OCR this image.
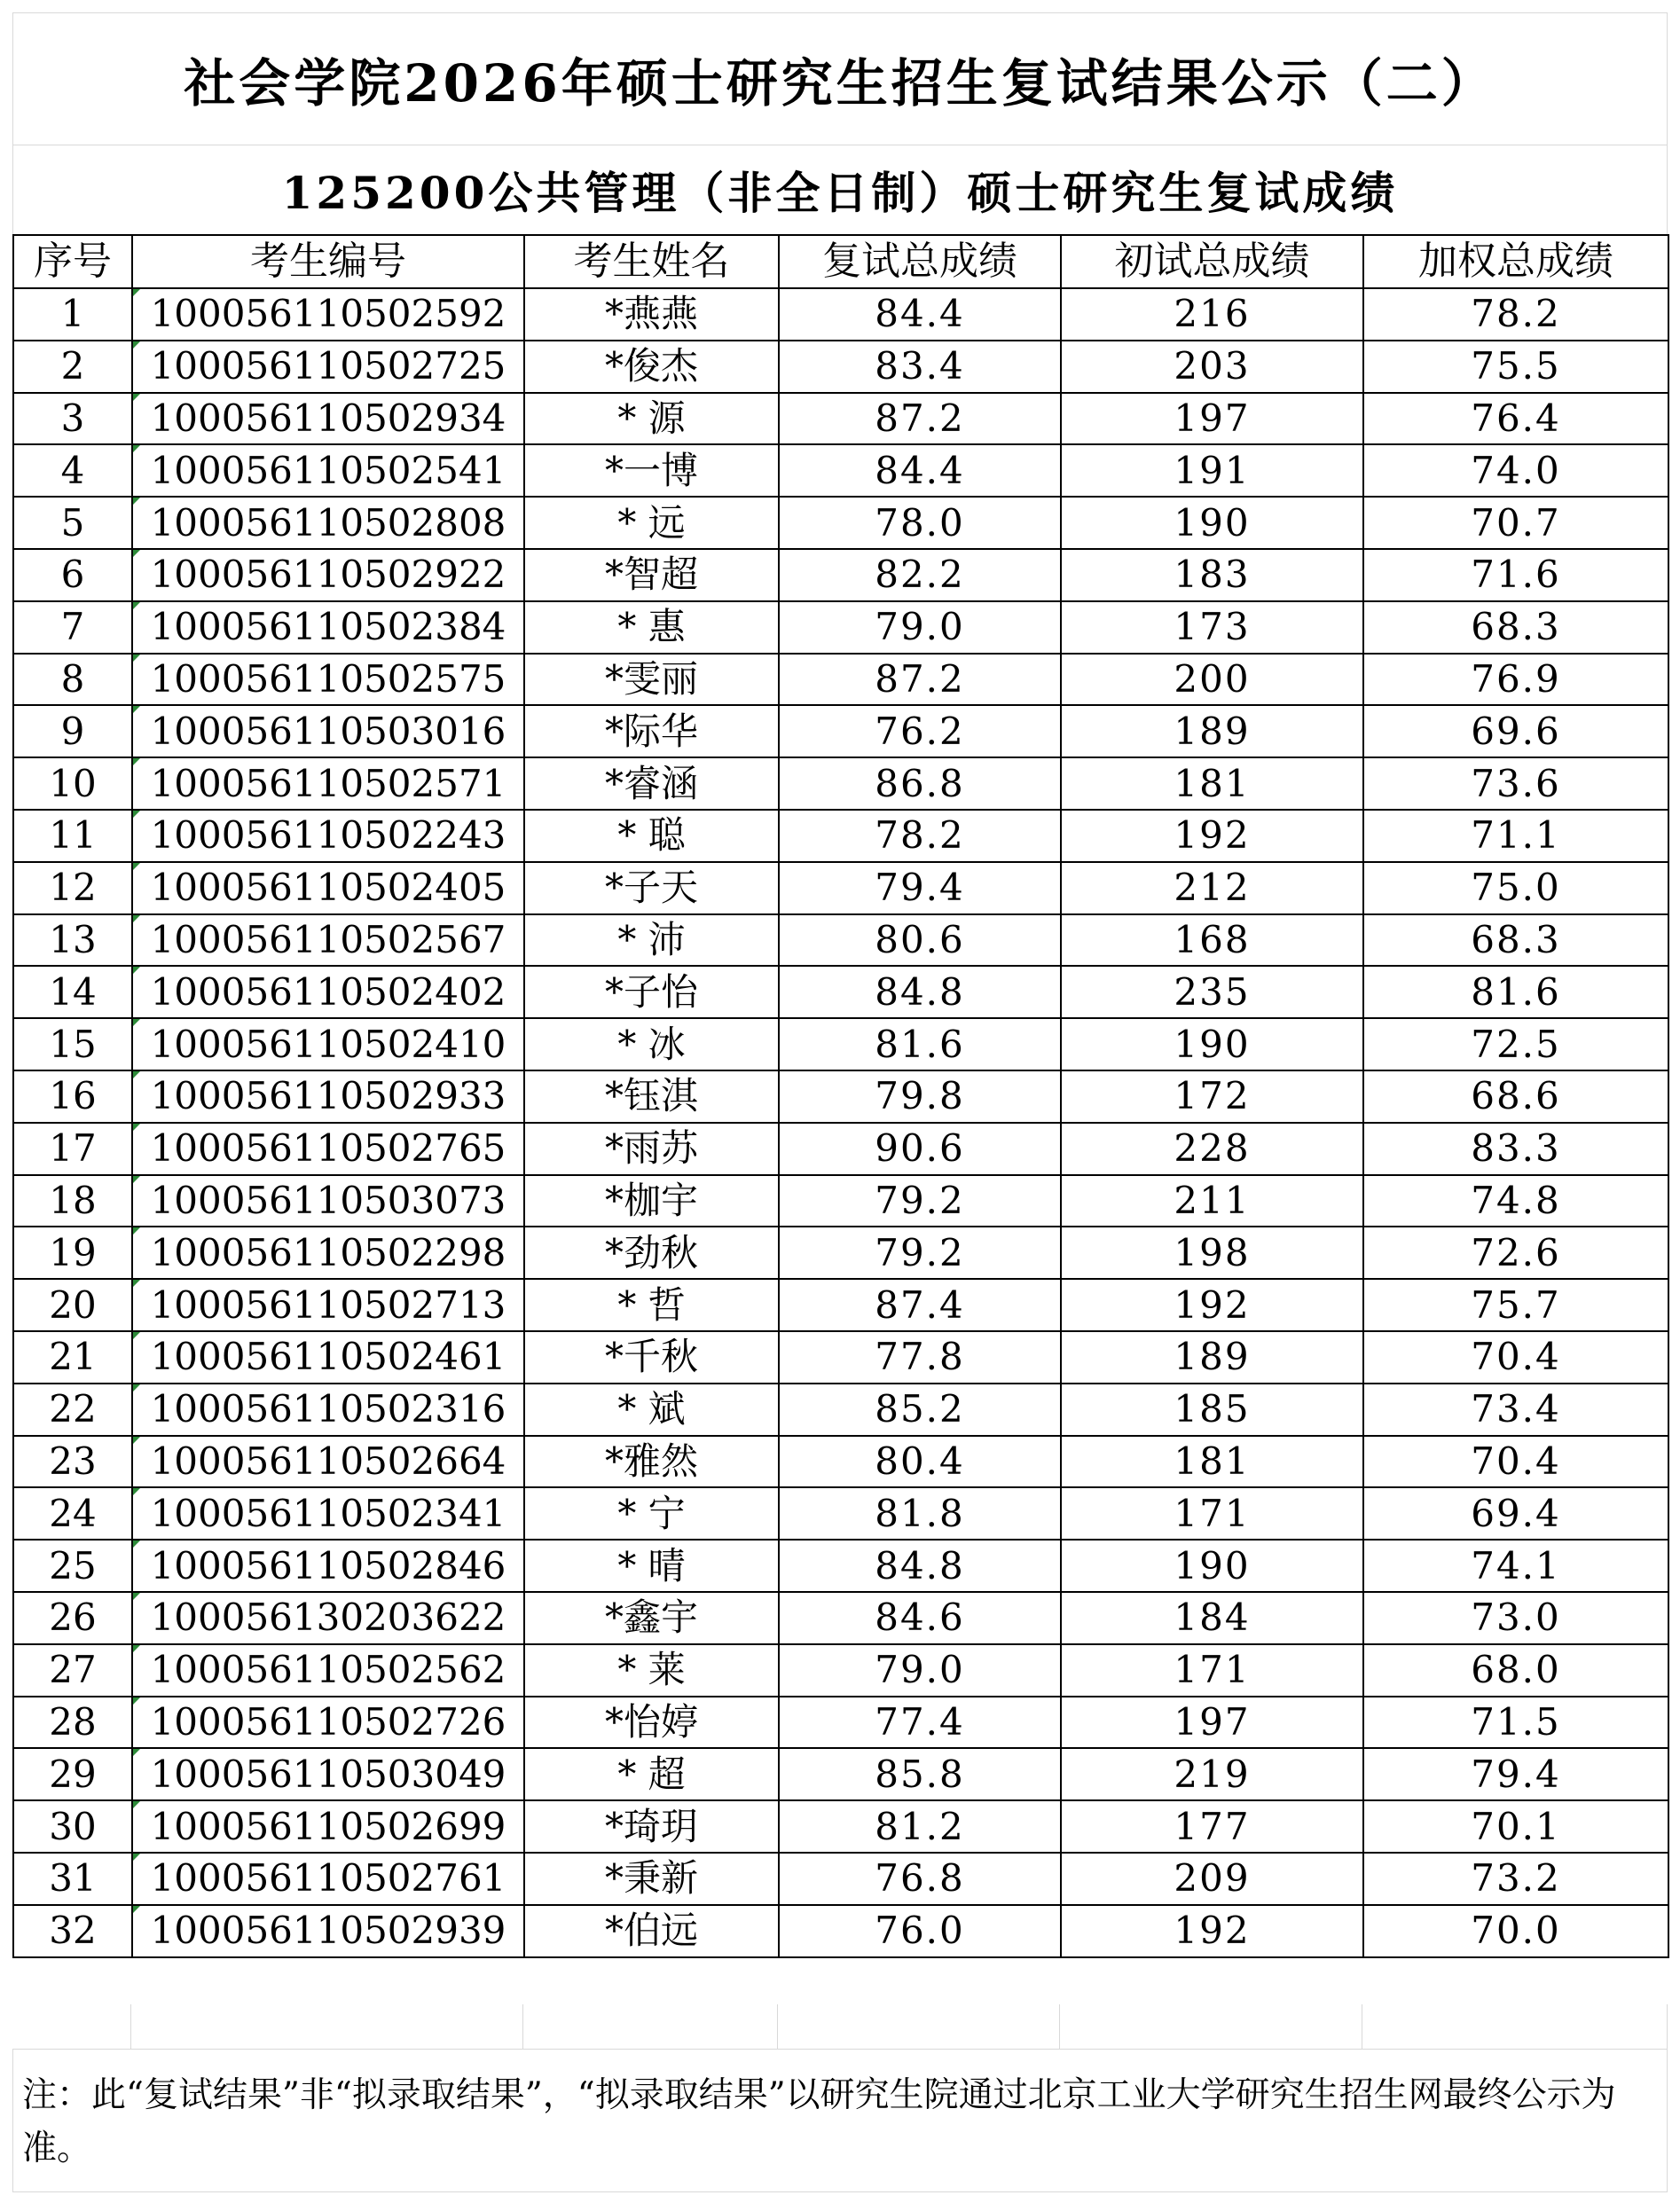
社会学院2026年硕士研究生招生复试结果公示（二）
125200公共管理（非全日制）硕士研究生复试成绩
序号	考生编号	考生姓名	复试总成绩	初试总成绩	加权总成绩
1	100056110502592	*燕燕	84.4	216	78.2
2	100056110502725	*俊杰	83.4	203	75.5
3	100056110502934	* 源	87.2	197	76.4
4	100056110502541	*一博	84.4	191	74.0
5	100056110502808	* 远	78.0	190	70.7
6	100056110502922	*智超	82.2	183	71.6
7	100056110502384	* 惠	79.0	173	68.3
8	100056110502575	*雯丽	87.2	200	76.9
9	100056110503016	*际华	76.2	189	69.6
10	100056110502571	*睿涵	86.8	181	73.6
11	100056110502243	* 聪	78.2	192	71.1
12	100056110502405	*子天	79.4	212	75.0
13	100056110502567	* 沛	80.6	168	68.3
14	100056110502402	*子怡	84.8	235	81.6
15	100056110502410	* 冰	81.6	190	72.5
16	100056110502933	*钰淇	79.8	172	68.6
17	100056110502765	*雨苏	90.6	228	83.3
18	100056110503073	*枷宇	79.2	211	74.8
19	100056110502298	*劲秋	79.2	198	72.6
20	100056110502713	* 哲	87.4	192	75.7
21	100056110502461	*千秋	77.8	189	70.4
22	100056110502316	* 斌	85.2	185	73.4
23	100056110502664	*雅然	80.4	181	70.4
24	100056110502341	* 宁	81.8	171	69.4
25	100056110502846	* 晴	84.8	190	74.1
26	100056130203622	*鑫宇	84.6	184	73.0
27	100056110502562	* 莱	79.0	171	68.0
28	100056110502726	*怡婷	77.4	197	71.5
29	100056110503049	* 超	85.8	219	79.4
30	100056110502699	*琦玥	81.2	177	70.1
31	100056110502761	*秉新	76.8	209	73.2
32	100056110502939	*伯远	76.0	192	70.0
注：此“复试结果”非“拟录取结果”，“拟录取结果”以研究生院通过北京工业大学研究生招生网最终公示为准。
